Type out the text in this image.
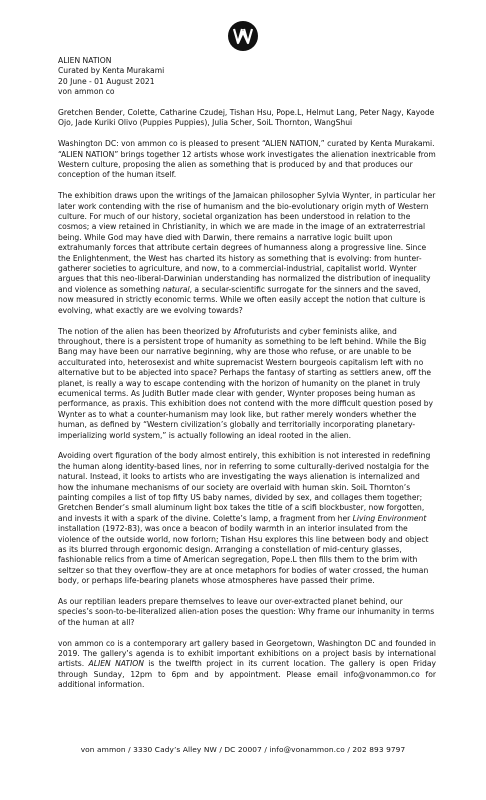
ALIEN NATION
Curated by Kenta Murakami
20 June - 01 August 2021
von ammon co

Gretchen Bender, Colette, Catharine Czudej, Tishan Hsu, Pope.L, Helmut Lang, Peter Nagy, Kayode Ojo, Jade Kuriki Olivo (Puppies Puppies), Julia Scher, SoiL Thornton, WangShui

Washington DC: von ammon co is pleased to present “ALIEN NATION,” curated by Kenta Murakami. “ALIEN NATION” brings together 12 artists whose work investigates the alienation inextricable from Western culture, proposing the alien as something that is produced by and that produces our conception of the human itself.

The exhibition draws upon the writings of the Jamaican philosopher Sylvia Wynter, in particular her later work contending with the rise of humanism and the bio-evolutionary origin myth of Western culture. For much of our history, societal organization has been understood in relation to the cosmos; a view retained in Christianity, in which we are made in the image of an extraterrestrial being. While God may have died with Darwin, there remains a narrative logic built upon extrahumanly forces that attribute certain degrees of humanness along a progressive line. Since the Enlightenment, the West has charted its history as something that is evolving: from hunter-gatherer societies to agriculture, and now, to a commercial-industrial, capitalist world. Wynter argues that this neo-liberal-Darwinian understanding has normalized the distribution of inequality and violence as something natural, a secular-scientific surrogate for the sinners and the saved, now measured in strictly economic terms. While we often easily accept the notion that culture is evolving, what exactly are we evolving towards?

The notion of the alien has been theorized by Afrofuturists and cyber feminists alike, and throughout, there is a persistent trope of humanity as something to be left behind. While the Big Bang may have been our narrative beginning, why are those who refuse, or are unable to be acculturated into, heterosexist and white supremacist Western bourgeois capitalism left with no alternative but to be abjected into space? Perhaps the fantasy of starting as settlers anew, off the planet, is really a way to escape contending with the horizon of humanity on the planet in truly ecumenical terms. As Judith Butler made clear with gender, Wynter proposes being human as performance, as praxis. This exhibition does not contend with the more difficult question posed by Wynter as to what a counter-humanism may look like, but rather merely wonders whether the human, as defined by “Western civilization’s globally and territorially incorporating planetary-imperializing world system,” is actually following an ideal rooted in the alien.

Avoiding overt figuration of the body almost entirely, this exhibition is not interested in redefining the human along identity-based lines, nor in referring to some culturally-derived nostalgia for the natural. Instead, it looks to artists who are investigating the ways alienation is internalized and how the inhumane mechanisms of our society are overlaid with human skin. SoiL Thornton’s painting compiles a list of top fifty US baby names, divided by sex, and collages them together; Gretchen Bender’s small aluminum light box takes the title of a scifi blockbuster, now forgotten, and invests it with a spark of the divine. Colette’s lamp, a fragment from her Living Environment installation (1972-83), was once a beacon of bodily warmth in an interior insulated from the violence of the outside world, now forlorn; Tishan Hsu explores this line between body and object as its blurred through ergonomic design. Arranging a constellation of mid-century glasses, fashionable relics from a time of American segregation, Pope.L then fills them to the brim with seltzer so that they overflow–they are at once metaphors for bodies of water crossed, the human body, or perhaps life-bearing planets whose atmospheres have passed their prime.

As our reptilian leaders prepare themselves to leave our over-extracted planet behind, our species’s soon-to-be-literalized alien-ation poses the question: Why frame our inhumanity in terms of the human at all?

von ammon co is a contemporary art gallery based in Georgetown, Washington DC and founded in 2019. The gallery’s agenda is to exhibit important exhibitions on a project basis by international artists. ALIEN NATION is the twelfth project in its current location. The gallery is open Friday through Sunday, 12pm to 6pm and by appointment. Please email info@vonammon.co for additional information.

von ammon / 3330 Cady’s Alley NW / DC 20007 / info@vonammon.co / 202 893 9797
